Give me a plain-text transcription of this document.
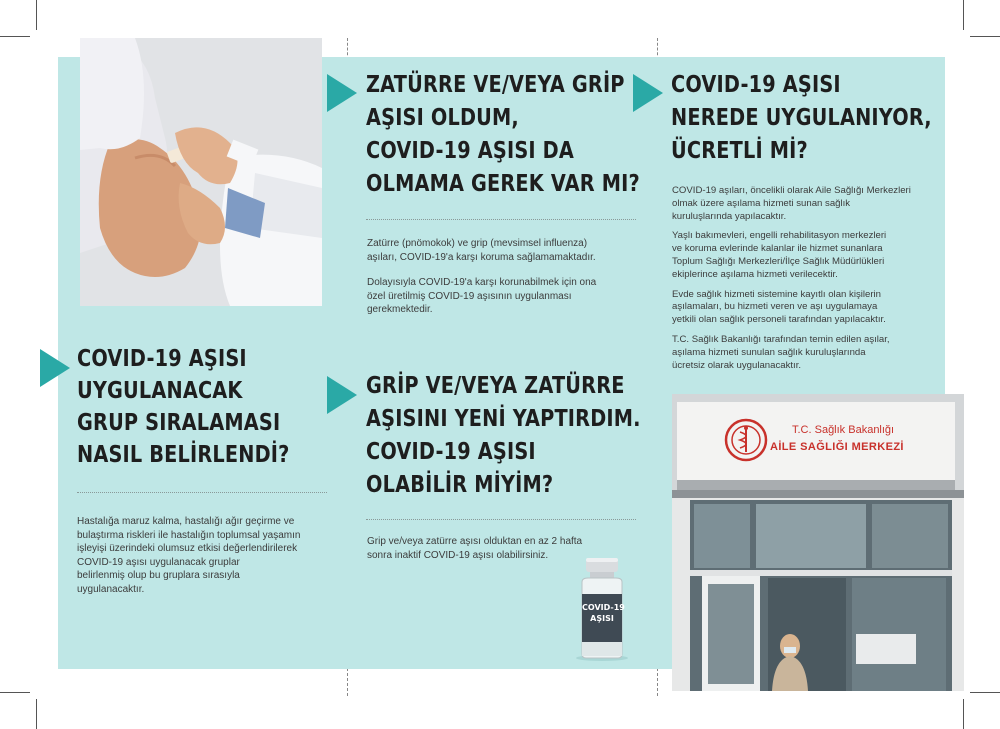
COVID-19 AŞISI
UYGULANACAK
GRUP SIRALAMASI
NASIL BELİRLENDİ?
Hastalığa maruz kalma, hastalığı ağır geçirme ve
bulaştırma riskleri ile hastalığın toplumsal yaşamın
işleyişi üzerindeki olumsuz etkisi değerlendirilerek
COVID-19 aşısı uygulanacak gruplar
belirlenmiş olup bu gruplara sırasıyla
uygulanacaktır.
ZATÜRRE VE/VEYA GRİP
AŞISI OLDUM,
COVID-19 AŞISI DA
OLMAMA GEREK VAR MI?

Zatürre (pnömokok) ve grip (mevsimsel influenza)
aşıları, COVID-19'a karşı koruma sağlamamaktadır.

Dolayısıyla COVID-19'a karşı korunabilmek için ona
özel üretilmiş COVID-19 aşısının uygulanması
gerekmektedir.

GRİP VE/VEYA ZATÜRRE
AŞISINI YENİ YAPTIRDIM.
COVID-19 AŞISI
OLABİLİR MİYİM?
Grip ve/veya zatürre aşısı olduktan en az 2 hafta
sonra inaktif COVID-19 aşısı olabilirsiniz.
COVID-19
AŞISI
COVID-19 AŞISI
NEREDE UYGULANIYOR,
ÜCRETLİ Mİ?

COVID-19 aşıları, öncelikli olarak Aile Sağlığı Merkezleri
olmak üzere aşılama hizmeti sunan sağlık
kuruluşlarında yapılacaktır.

Yaşlı bakımevleri, engelli rehabilitasyon merkezleri
ve koruma evlerinde kalanlar ile hizmet sunanlara
Toplum Sağlığı Merkezleri/İlçe Sağlık Müdürlükleri
ekiplerince aşılama hizmeti verilecektir.

Evde sağlık hizmeti sistemine kayıtlı olan kişilerin
aşılamaları, bu hizmeti veren ve aşı uygulamaya
yetkili olan sağlık personeli tarafından yapılacaktır.

T.C. Sağlık Bakanlığı tarafından temin edilen aşılar,
aşılama hizmeti sunulan sağlık kuruluşlarında
ücretsiz olarak uygulanacaktır.

T.C. Sağlık Bakanlığı
AİLE SAĞLIĞI MERKEZİ
